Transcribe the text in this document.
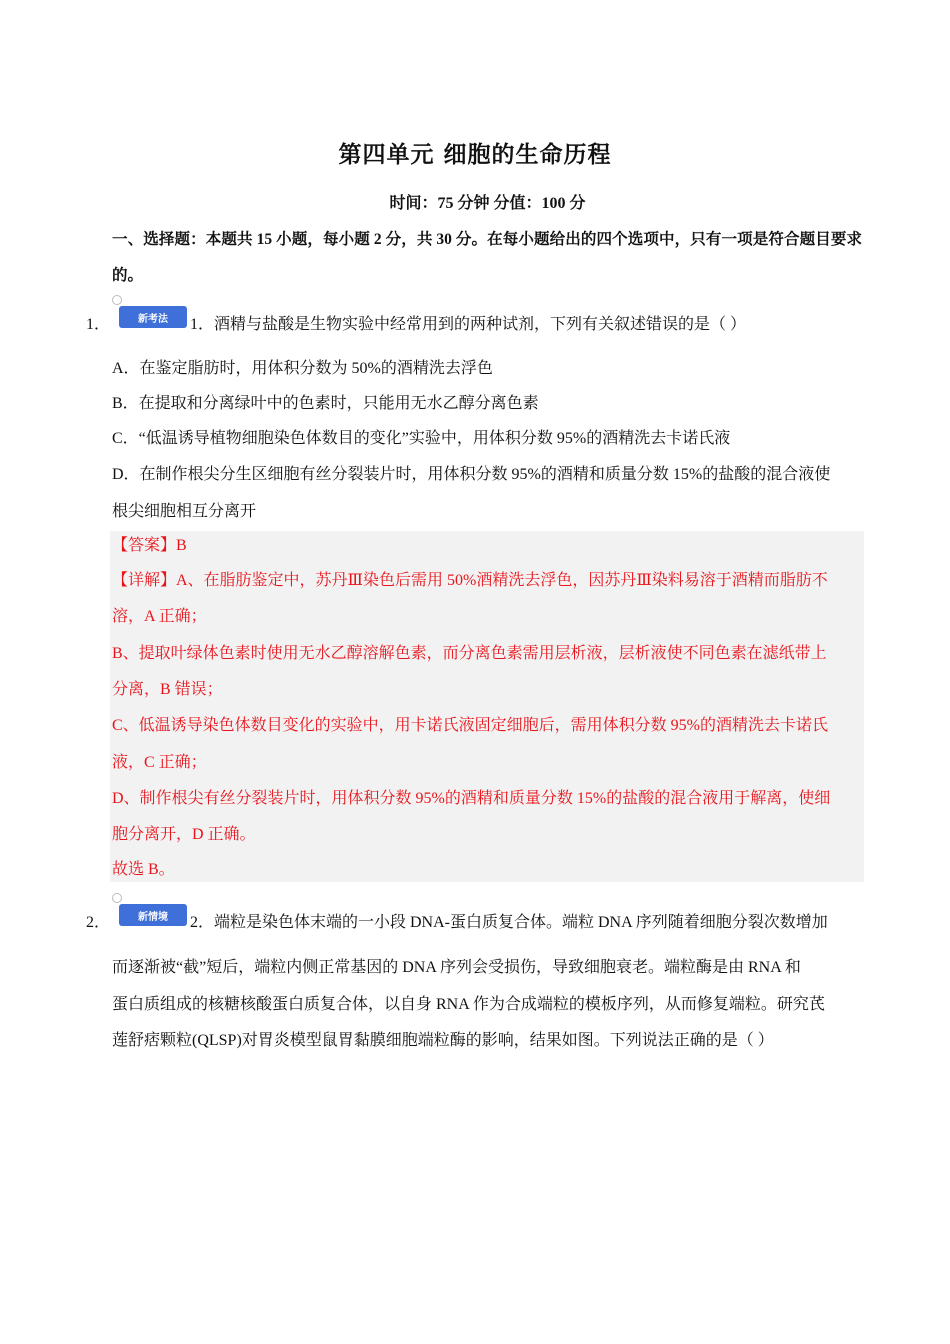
第四单元 细胞的生命历程
时间：75 分钟 分值：100 分
一、选择题：本题共 15 小题，每小题 2 分，共 30 分。在每小题给出的四个选项中，只有一项是符合题目要求的。
1．	新考法	1．酒精与盐酸是生物实验中经常用到的两种试剂，下列有关叙述错误的是（ ）
A．在鉴定脂肪时，用体积分数为 50%的酒精洗去浮色
B．在提取和分离绿叶中的色素时，只能用无水乙醇分离色素
C．“低温诱导植物细胞染色体数目的变化”实验中，用体积分数 95%的酒精洗去卡诺氏液
D．在制作根尖分生区细胞有丝分裂装片时，用体积分数 95%的酒精和质量分数 15%的盐酸的混合液使
根尖细胞相互分离开
【答案】B
【详解】A、在脂肪鉴定中，苏丹Ⅲ染色后需用 50%酒精洗去浮色，因苏丹Ⅲ染料易溶于酒精而脂肪不
溶，A 正确；
B、提取叶绿体色素时使用无水乙醇溶解色素，而分离色素需用层析液，层析液使不同色素在滤纸带上
分离，B 错误；
C、低温诱导染色体数目变化的实验中，用卡诺氏液固定细胞后，需用体积分数 95%的酒精洗去卡诺氏
液，C 正确；
D、制作根尖有丝分裂装片时，用体积分数 95%的酒精和质量分数 15%的盐酸的混合液用于解离，使细
胞分离开，D 正确。
故选 B。
2．	新情境	2．端粒是染色体末端的一小段 DNA-蛋白质复合体。端粒 DNA 序列随着细胞分裂次数增加
而逐渐被“截”短后，端粒内侧正常基因的 DNA 序列会受损伤，导致细胞衰老。端粒酶是由 RNA 和
蛋白质组成的核糖核酸蛋白质复合体，以自身 RNA 作为合成端粒的模板序列，从而修复端粒。研究芪
莲舒痞颗粒(QLSP)对胃炎模型鼠胃黏膜细胞端粒酶的影响，结果如图。下列说法正确的是（ ）
